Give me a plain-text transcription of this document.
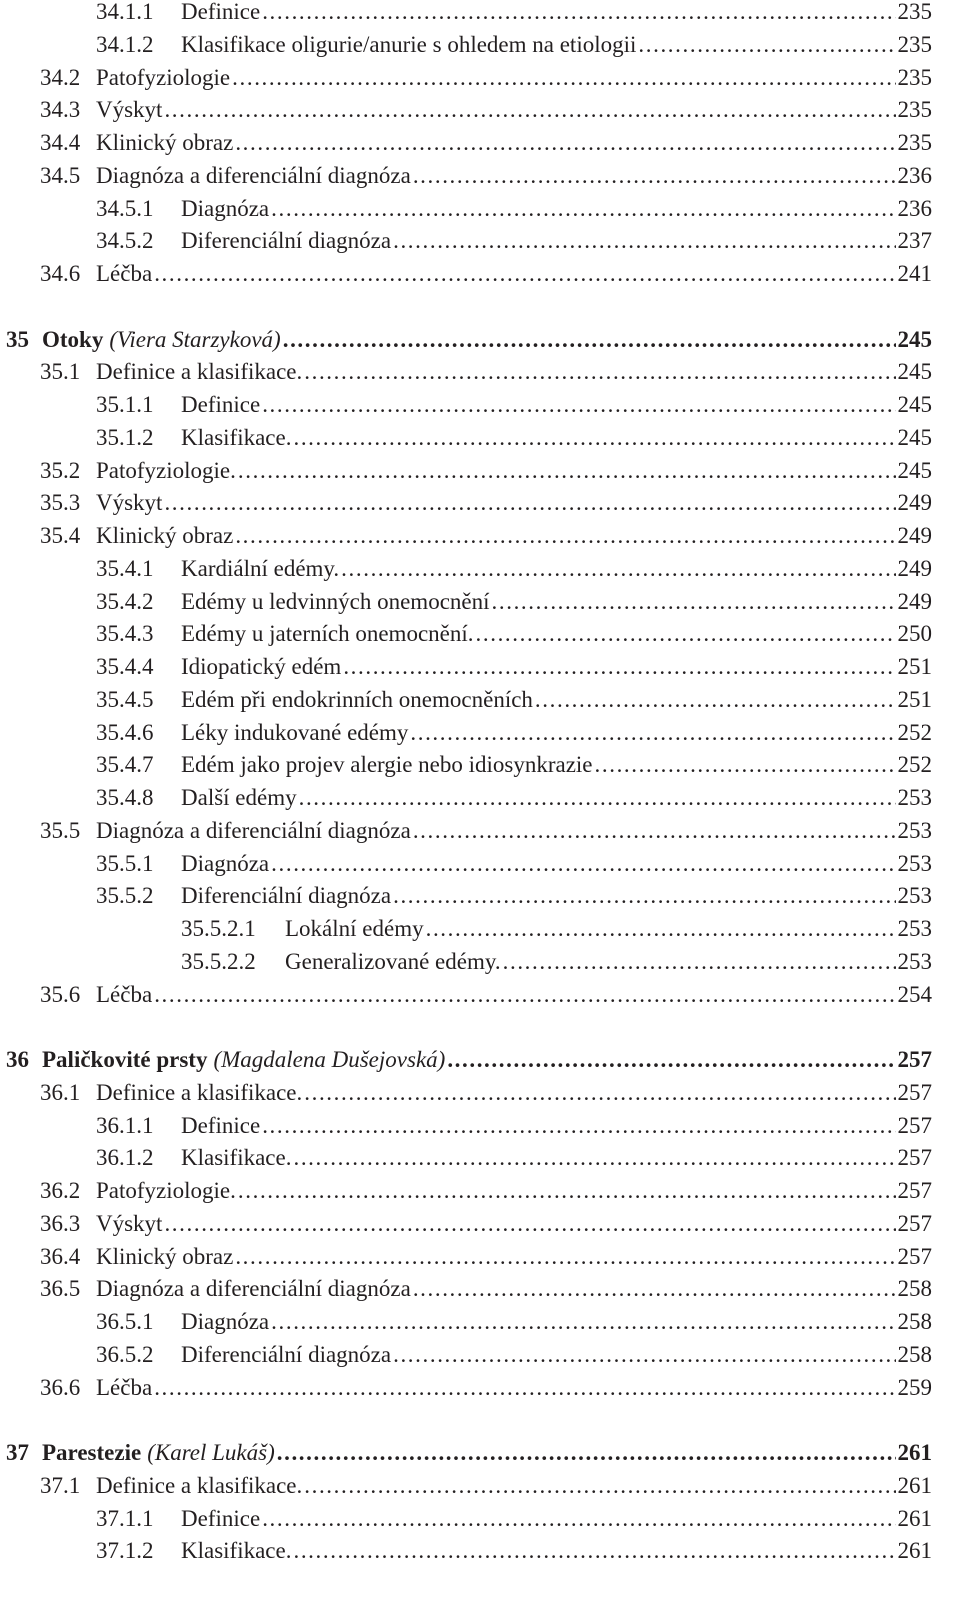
34.1.1	Definice .....	235
34.1.2	Klasifikace oligurie/anurie s ohledem na etiologii .....	235
34.2 Patofyziologie .....	235
34.3 Výskyt .....	235
34.4 Klinický obraz .....	235
34.5 Diagnóza a diferenciální diagnóza .....	236
34.5.1	Diagnóza .....	236
34.5.2	Diferenciální diagnóza .....	237
34.6 Léčba .....	241
35 Otoky (Viera Starzyková) .....	245
35.1 Definice a klasifikace. .....	245
35.1.1	Definice .....	245
35.1.2	Klasifikace. .....	245
35.2 Patofyziologie. .....	245
35.3 Výskyt .....	249
35.4 Klinický obraz .....	249
35.4.1	Kardiální edémy. .....	249
35.4.2	Edémy u ledvinných onemocnění .....	249
35.4.3	Edémy u jaterních onemocnění. .....	250
35.4.4	Idiopatický edém .....	251
35.4.5	Edém při endokrinních onemocněních .....	251
35.4.6	Léky indukované edémy .....	252
35.4.7	Edém jako projev alergie nebo idiosynkrazie .....	252
35.4.8	Další edémy .....	253
35.5 Diagnóza a diferenciální diagnóza .....	253
35.5.1	Diagnóza .....	253
35.5.2	Diferenciální diagnóza .....	253
35.5.2.1	Lokální edémy .....	253
35.5.2.2	Generalizované edémy. .....	253
35.6 Léčba .....	254
36 Paličkovité prsty (Magdalena Dušejovská) .....	257
36.1 Definice a klasifikace. .....	257
36.1.1	Definice .....	257
36.1.2	Klasifikace. .....	257
36.2 Patofyziologie. .....	257
36.3 Výskyt .....	257
36.4 Klinický obraz .....	257
36.5 Diagnóza a diferenciální diagnóza .....	258
36.5.1	Diagnóza .....	258
36.5.2	Diferenciální diagnóza .....	258
36.6 Léčba .....	259
37 Parestezie (Karel Lukáš) .....	261
37.1 Definice a klasifikace. .....	261
37.1.1	Definice .....	261
37.1.2	Klasifikace. .....	261
